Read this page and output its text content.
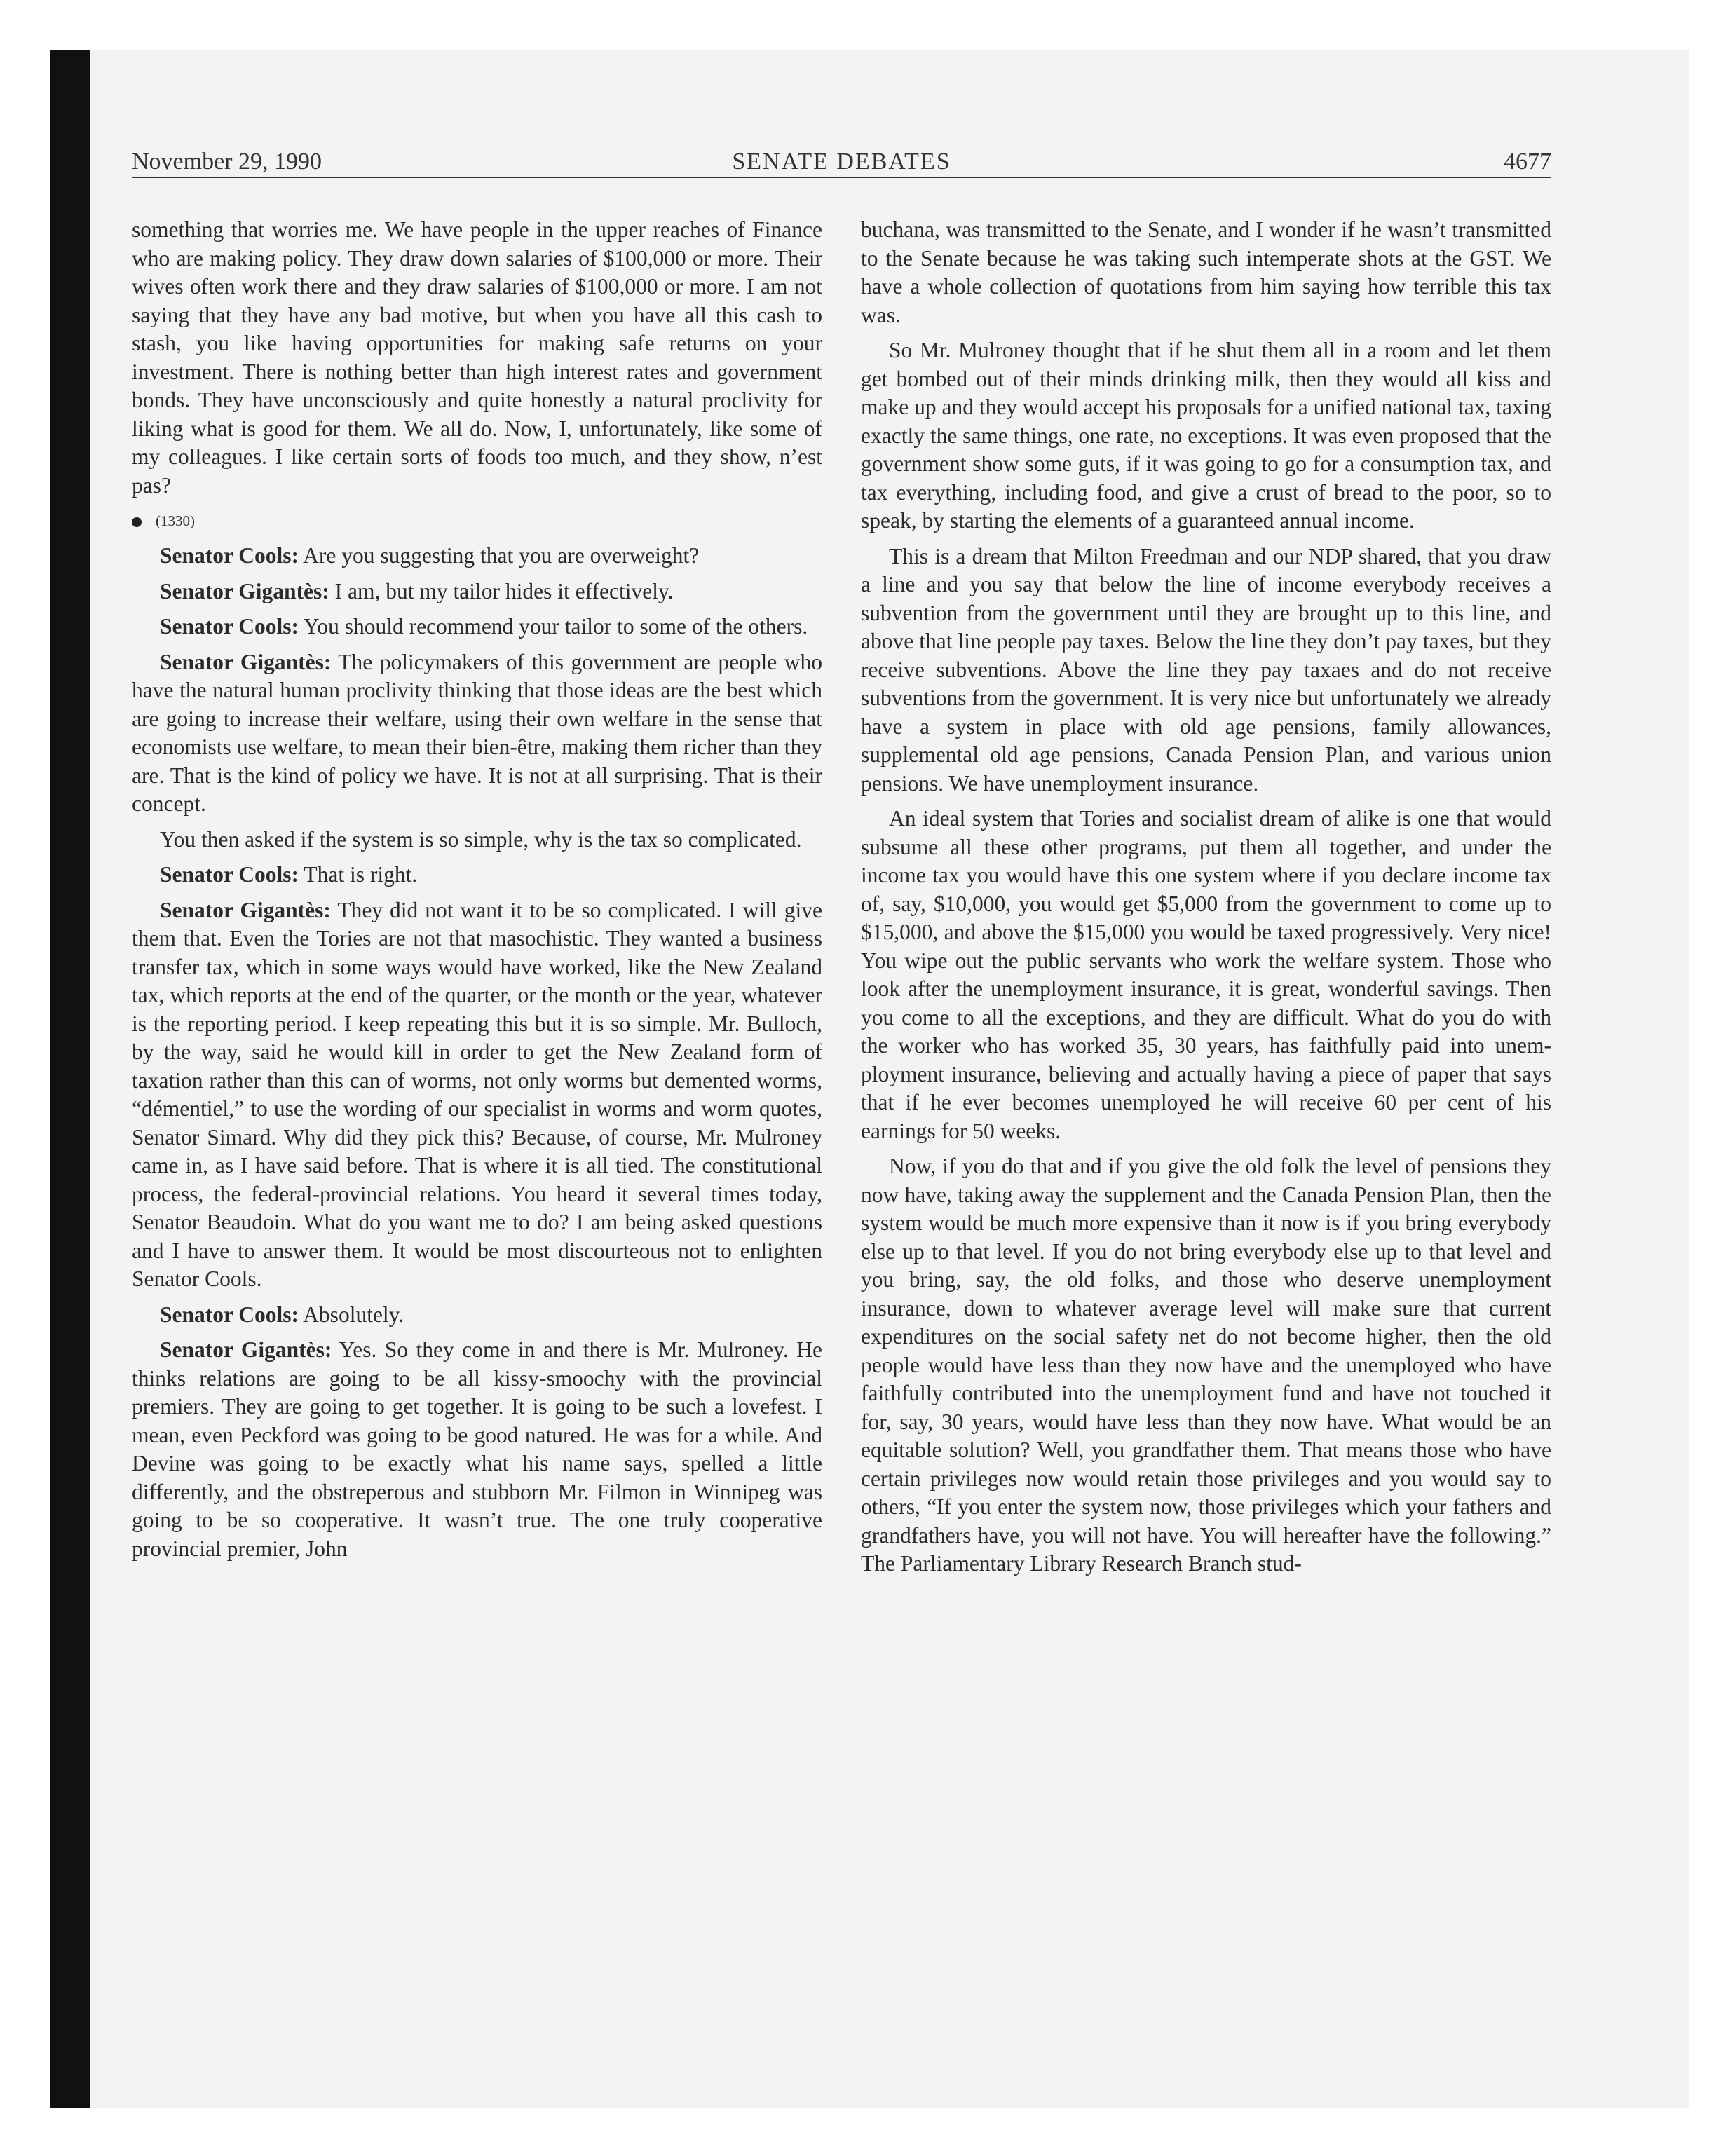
November 29, 1990	SENATE DEBATES	4677

something that worries me. We have people in the upper reaches of Finance who are making policy. They draw down salaries of $100,000 or more. Their wives often work there and they draw salaries of $100,000 or more. I am not saying that they have any bad motive, but when you have all this cash to stash, you like having opportunities for making safe returns on your investment. There is nothing better than high interest rates and government bonds. They have unconsciously and quite honestly a natural proclivity for liking what is good for them. We all do. Now, I, unfortunately, like some of my colleagues. I like certain sorts of foods too much, and they show, n’est pas?

(1330)

Senator Cools: Are you suggesting that you are overweight?

Senator Gigantès: I am, but my tailor hides it effectively.

Senator Cools: You should recommend your tailor to some of the others.

Senator Gigantès: The policymakers of this government are people who have the natural human proclivity thinking that those ideas are the best which are going to increase their welfare, using their own welfare in the sense that economists use welfare, to mean their bien-être, making them richer than they are. That is the kind of policy we have. It is not at all surprising. That is their concept.

You then asked if the system is so simple, why is the tax so complicated.

Senator Cools: That is right.

Senator Gigantès: They did not want it to be so complicated. I will give them that. Even the Tories are not that masochistic. They wanted a business transfer tax, which in some ways would have worked, like the New Zealand tax, which reports at the end of the quarter, or the month or the year, whatever is the reporting period. I keep repeating this but it is so simple. Mr. Bulloch, by the way, said he would kill in order to get the New Zealand form of taxation rather than this can of worms, not only worms but demented worms, “démentiel,” to use the wording of our specialist in worms and worm quotes, Senator Simard. Why did they pick this? Because, of course, Mr. Mulroney came in, as I have said before. That is where it is all tied. The constitutional process, the federal-provincial relations. You heard it several times today, Senator Beaudoin. What do you want me to do? I am being asked questions and I have to answer them. It would be most discourteous not to enlighten Senator Cools.

Senator Cools: Absolutely.

Senator Gigantès: Yes. So they come in and there is Mr. Mulroney. He thinks relations are going to be all kissy-smoochy with the provincial premiers. They are going to get together. It is going to be such a lovefest. I mean, even Peckford was going to be good natured. He was for a while. And Devine was going to be exactly what his name says, spelled a little differently, and the obstreperous and stubborn Mr. Filmon in Winnipeg was going to be so cooperative. It wasn’t true. The one truly cooperative provincial premier, John

buchana, was transmitted to the Senate, and I wonder if he wasn’t transmitted to the Senate because he was taking such intemperate shots at the GST. We have a whole collection of quotations from him saying how terrible this tax was.

So Mr. Mulroney thought that if he shut them all in a room and let them get bombed out of their minds drinking milk, then they would all kiss and make up and they would accept his proposals for a unified national tax, taxing exactly the same things, one rate, no exceptions. It was even proposed that the government show some guts, if it was going to go for a consumption tax, and tax everything, including food, and give a crust of bread to the poor, so to speak, by starting the elements of a guaranteed annual income.

This is a dream that Milton Freedman and our NDP shared, that you draw a line and you say that below the line of income everybody receives a subvention from the government until they are brought up to this line, and above that line people pay taxes. Below the line they don’t pay taxes, but they receive subventions. Above the line they pay taxaes and do not receive subventions from the government. It is very nice but unfortunately we already have a system in place with old age pensions, family allowances, supplemental old age pensions, Canada Pension Plan, and various union pensions. We have unemployment insurance.

An ideal system that Tories and socialist dream of alike is one that would subsume all these other programs, put them all together, and under the income tax you would have this one system where if you declare income tax of, say, $10,000, you would get $5,000 from the government to come up to $15,000, and above the $15,000 you would be taxed progressively. Very nice! You wipe out the public servants who work the welfare system. Those who look after the unemployment insurance, it is great, wonderful savings. Then you come to all the exceptions, and they are difficult. What do you do with the worker who has worked 35, 30 years, has faithfully paid into unemployment insurance, believing and actually having a piece of paper that says that if he ever becomes unemployed he will receive 60 per cent of his earnings for 50 weeks.

Now, if you do that and if you give the old folk the level of pensions they now have, taking away the supplement and the Canada Pension Plan, then the system would be much more expensive than it now is if you bring everybody else up to that level. If you do not bring everybody else up to that level and you bring, say, the old folks, and those who deserve unemployment insurance, down to whatever average level will make sure that current expenditures on the social safety net do not become higher, then the old people would have less than they now have and the unemployed who have faithfully contributed into the unemployment fund and have not touched it for, say, 30 years, would have less than they now have. What would be an equitable solution? Well, you grandfather them. That means those who have certain privileges now would retain those privileges and you would say to others, “If you enter the system now, those privileges which your fathers and grandfathers have, you will not have. You will hereafter have the following.” The Parliamentary Library Research Branch stud-
